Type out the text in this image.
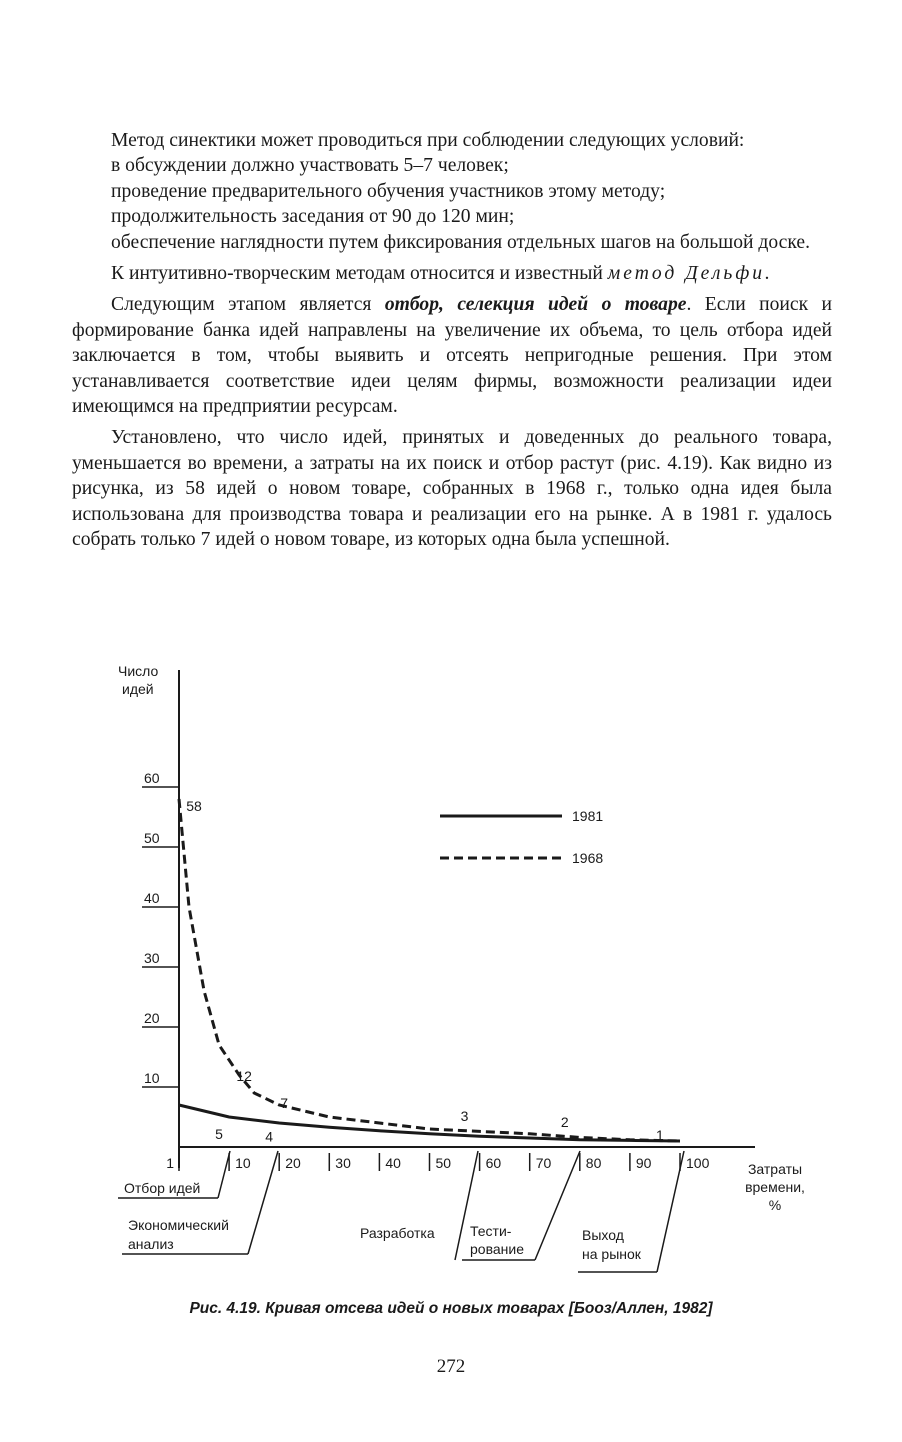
Метод синектики может проводиться при соблюдении следующих условий:

в обсуждении должно участвовать 5–7 человек;

проведение предварительного обучения участников этому методу;

продолжительность заседания от 90 до 120 мин;

обеспечение наглядности путем фиксирования отдельных шагов на большой доске.

К интуитивно-творческим методам относится и известный метод Дельфи.

Следующим этапом является отбор, селекция идей о товаре. Если поиск и формирование банка идей направлены на увеличение их объема, то цель отбора идей заключается в том, чтобы выявить и отсеять непригодные решения. При этом устанавливается соответствие идеи целям фирмы, возможности реализации идеи имеющимся на предприятии ресурсам.

Установлено, что число идей, принятых и доведенных до реального товара, уменьшается во времени, а затраты на их поиск и отбор растут (рис. 4.19). Как видно из рисунка, из 58 идей о новом товаре, собранных в 1968 г., только одна идея была использована для производства товара и реализации его на рынке. А в 1981 г. удалось собрать только 7 идей о новом товаре, из которых одна была успешной.

Число
идей
10
20
30
40
50
60
1	10 20 30 40 50 60 70 80 90 100	Затраты
времени,
%
1981
1968
58
12
7
3	2
1
5	4
Отбор идей
Экономический
анализ
Разработка	Тести-
рование
Выход
на рынок
Рис. 4.19. Кривая отсева идей о новых товарах [Бооз/Аллен, 1982]
272
